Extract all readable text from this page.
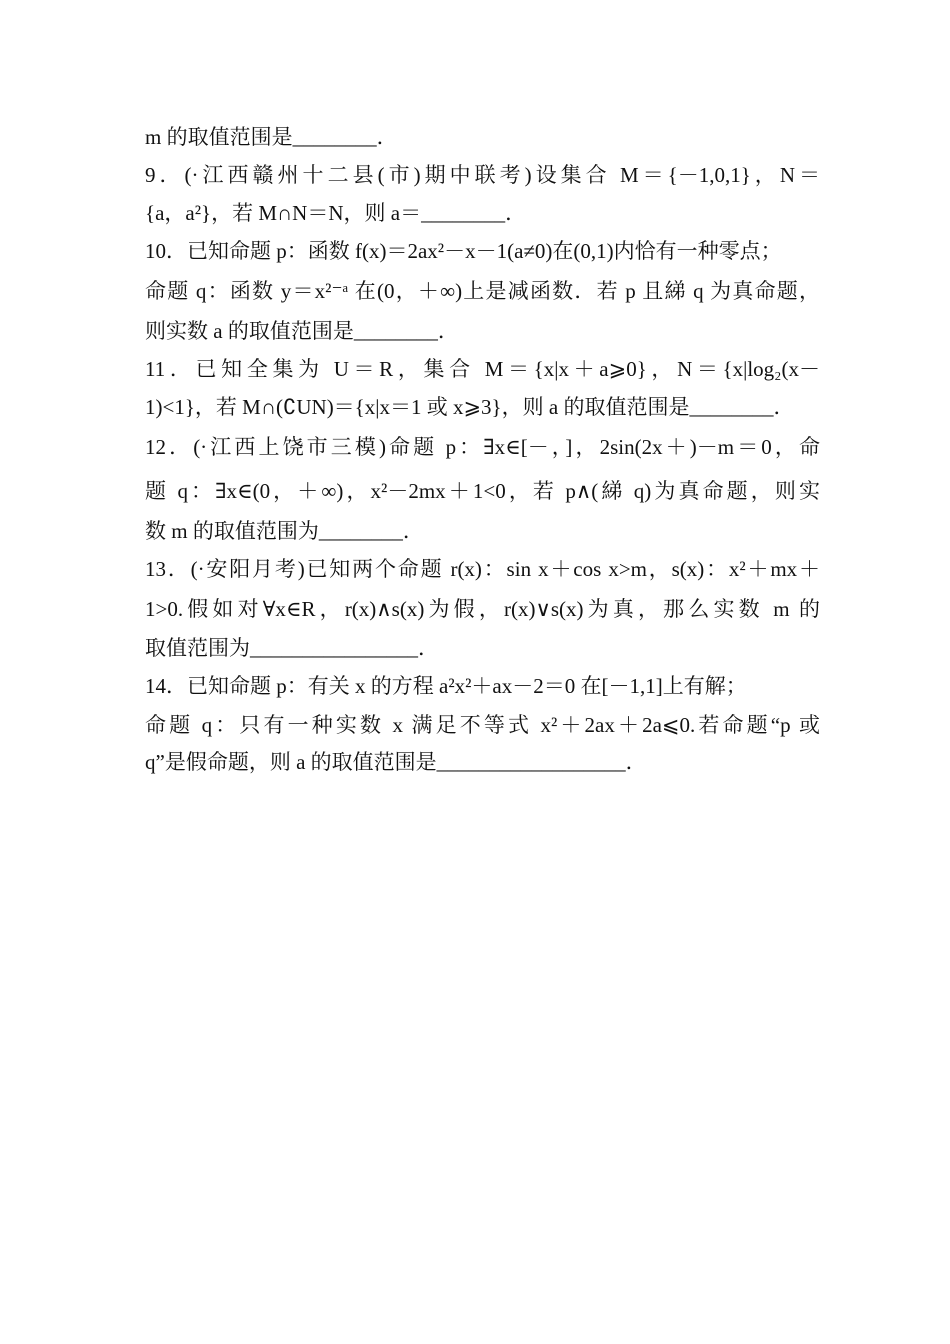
m 的取值范围是________．
9．(·江西赣州十二县(市)期中联考)设集合 M＝{－1,0,1}，N＝
{a，a²}，若 M∩N＝N，则 a＝________．
10．已知命题 p：函数 f(x)＝2ax²－x－1(a≠0)在(0,1)内恰有一种零点；
命题 q：函数 y＝x²⁻ᵃ 在(0，＋∞)上是减函数．若 p 且綈 q 为真命题，
则实数 a 的取值范围是________．
11．已知全集为 U＝R，集合 M＝{x|x＋a⩾0}，N＝{x|log₂(x－
1)<1}，若 M∩(∁UN)＝{x|x＝1 或 x⩾3}，则 a 的取值范围是________．
12．(·江西上饶市三模)命题 p：∃x∈[－，]，2sin(2x＋)－m＝0，命
题 q：∃x∈(0，＋∞)，x²－2mx＋1<0，若 p∧(綈 q)为真命题，则实
数 m 的取值范围为________．
13．(·安阳月考)已知两个命题 r(x)：sin x＋cos x>m，s(x)：x²＋mx＋
1>0.假如对∀x∈R，r(x)∧s(x)为假，r(x)∨s(x)为真，那么实数 m 的
取值范围为________________．
14．已知命题 p：有关 x 的方程 a²x²＋ax－2＝0 在[－1,1]上有解；
命题 q：只有一种实数 x 满足不等式 x²＋2ax＋2a⩽0.若命题“p 或
q”是假命题，则 a 的取值范围是__________________．
